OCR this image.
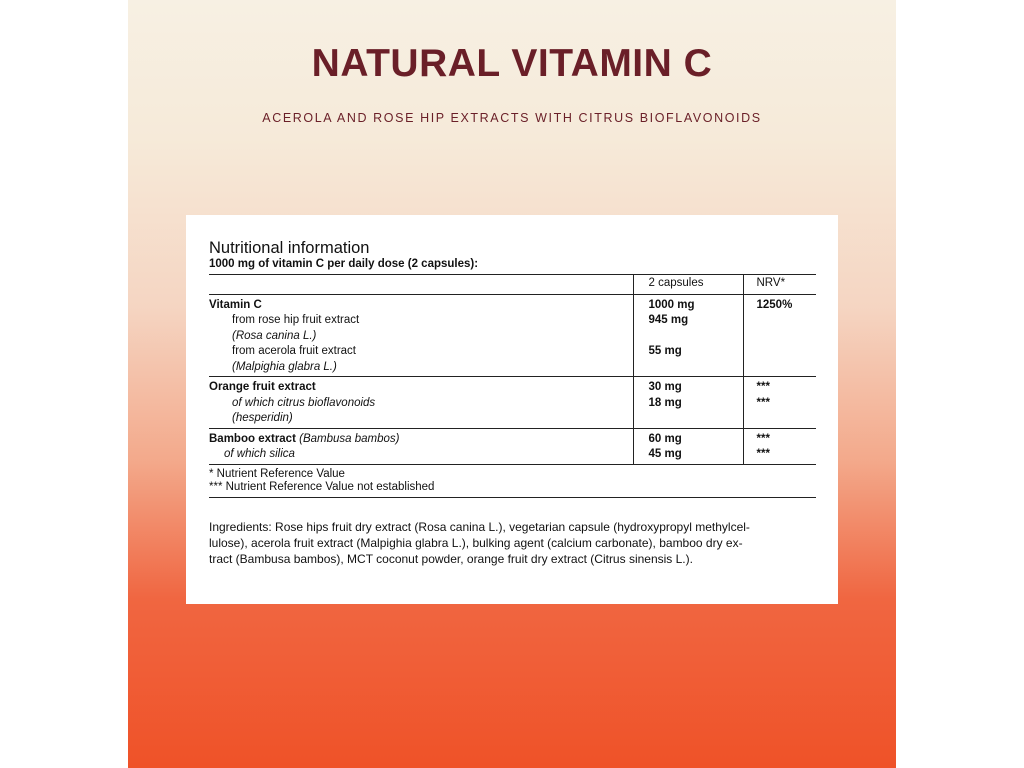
NATURAL VITAMIN C
ACEROLA AND ROSE HIP EXTRACTS WITH CITRUS BIOFLAVONOIDS
Nutritional information
1000 mg of vitamin C per daily dose (2 capsules):
	2 capsules	NRV*
Vitamin C	1000 mg	1250%
from rose hip fruit extract	945 mg	
(Rosa canina L.)		
from acerola fruit extract	55 mg	
(Malpighia glabra L.)		
Orange fruit extract	30 mg	***
of which citrus bioflavonoids	18 mg	***
(hesperidin)		
Bamboo extract (Bambusa bambos)	60 mg	***
of which silica	45 mg	***

* Nutrient Reference Value
*** Nutrient Reference Value not established		
Ingredients: Rose hips fruit dry extract (Rosa canina L.), vegetarian capsule (hydroxypropyl methylcel-
lulose), acerola fruit extract (Malpighia glabra L.), bulking agent (calcium carbonate), bamboo dry ex-
tract (Bambusa bambos), MCT coconut powder, orange fruit dry extract (Citrus sinensis L.).
